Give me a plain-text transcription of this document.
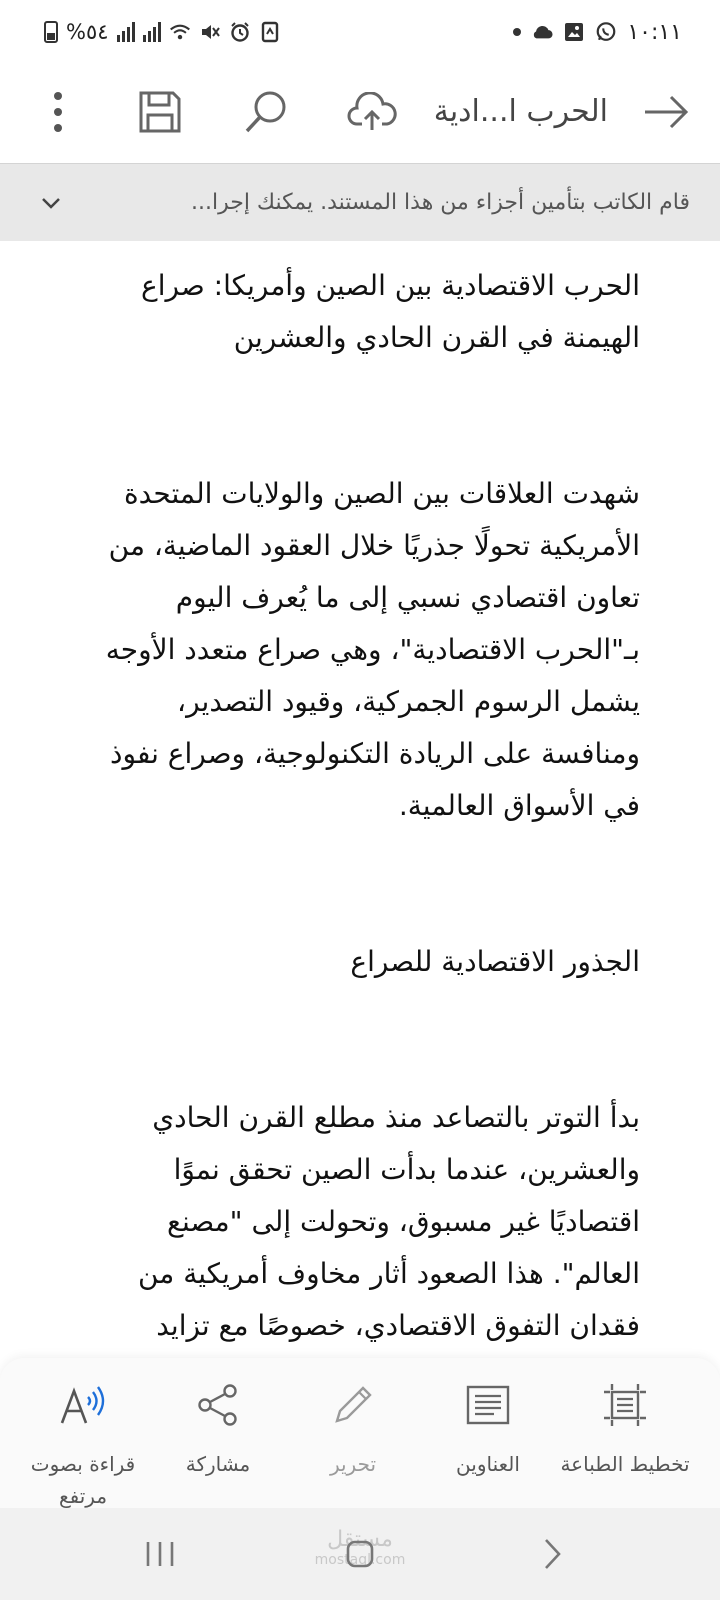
%٥٤	١٠:١١
الحرب ا...ادية
قام الكاتب بتأمين أجزاء من هذا المستند. يمكنك إجرا...

الحرب الاقتصادية بين الصين وأمريكا: صراع الهيمنة في القرن الحادي والعشرين

شهدت العلاقات بين الصين والولايات المتحدة الأمريكية تحولًا جذريًا خلال العقود الماضية، من تعاون اقتصادي نسبي إلى ما يُعرف اليوم بـ"الحرب الاقتصادية"، وهي صراع متعدد الأوجه يشمل الرسوم الجمركية، وقيود التصدير، ومنافسة على الريادة التكنولوجية، وصراع نفوذ في الأسواق العالمية.

الجذور الاقتصادية للصراع

بدأ التوتر بالتصاعد منذ مطلع القرن الحادي والعشرين، عندما بدأت الصين تحقق نموًا اقتصاديًا غير مسبوق، وتحولت إلى "مصنع العالم". هذا الصعود أثار مخاوف أمريكية من فقدان التفوق الاقتصادي، خصوصًا مع تزايد

تخطيط الطباعة
العناوين
تحرير
مشاركة
قراءة بصوت مرتفع
مستقل
mostaql.com
